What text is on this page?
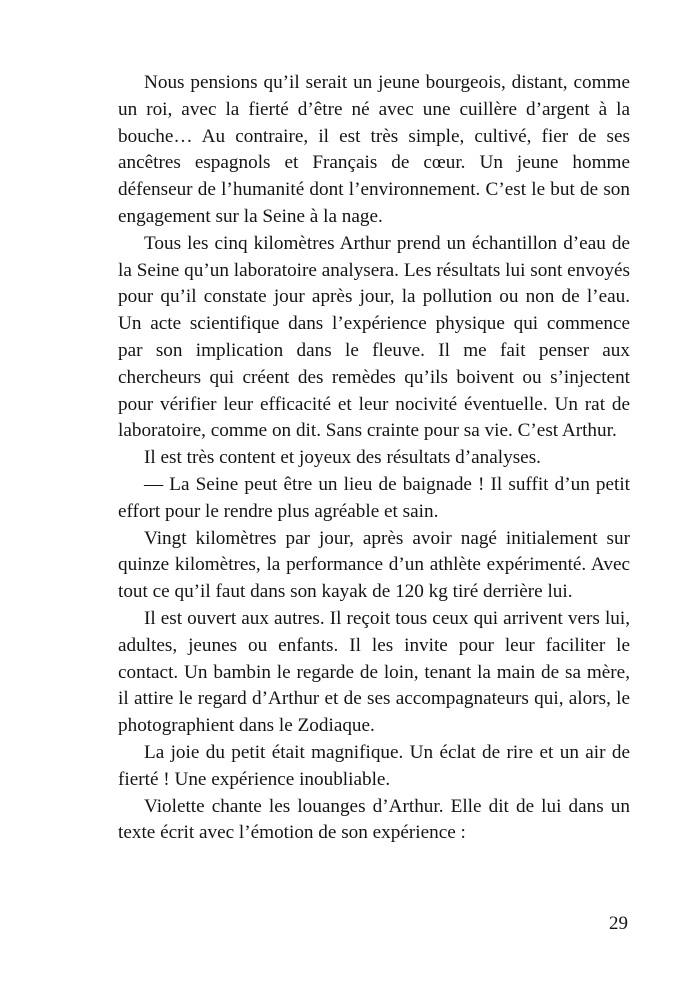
Nous pensions qu’il serait un jeune bourgeois, distant, comme un roi, avec la fierté d’être né avec une cuillère d’argent à la bouche… Au contraire, il est très simple, cultivé, fier de ses ancêtres espagnols et Français de cœur. Un jeune homme défenseur de l’humanité dont l’environnement. C’est le but de son engagement sur la Seine à la nage.

Tous les cinq kilomètres Arthur prend un échantillon d’eau de la Seine qu’un laboratoire analysera. Les résultats lui sont envoyés pour qu’il constate jour après jour, la pollution ou non de l’eau. Un acte scientifique dans l’expérience physique qui commence par son implication dans le fleuve. Il me fait penser aux chercheurs qui créent des remèdes qu’ils boivent ou s’injectent pour vérifier leur efficacité et leur nocivité éventuelle. Un rat de laboratoire, comme on dit. Sans crainte pour sa vie. C’est Arthur.

Il est très content et joyeux des résultats d’analyses.

— La Seine peut être un lieu de baignade ! Il suffit d’un petit effort pour le rendre plus agréable et sain.

Vingt kilomètres par jour, après avoir nagé initialement sur quinze kilomètres, la performance d’un athlète expérimenté. Avec tout ce qu’il faut dans son kayak de 120 kg tiré derrière lui.

Il est ouvert aux autres. Il reçoit tous ceux qui arrivent vers lui, adultes, jeunes ou enfants. Il les invite pour leur faciliter le contact. Un bambin le regarde de loin, tenant la main de sa mère, il attire le regard d’Arthur et de ses accompagnateurs qui, alors, le photographient dans le Zodiaque.

La joie du petit était magnifique. Un éclat de rire et un air de fierté ! Une expérience inoubliable.

Violette chante les louanges d’Arthur. Elle dit de lui dans un texte écrit avec l’émotion de son expérience :

29
